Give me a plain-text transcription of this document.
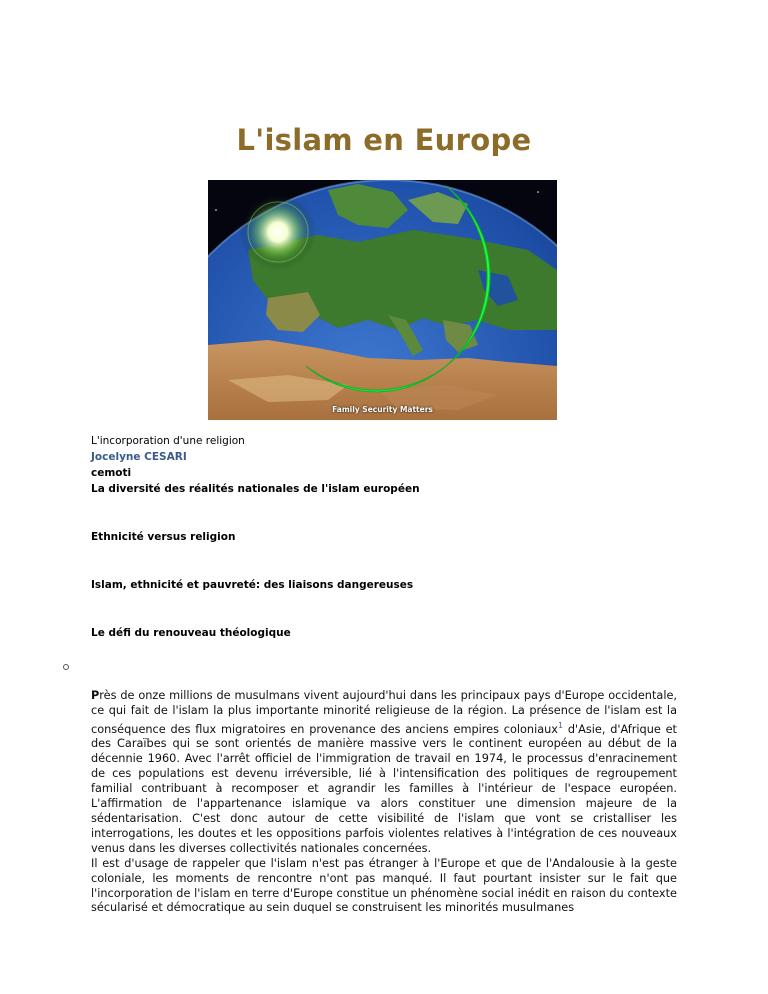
L'islam en Europe
Family Security Matters
L'incorporation d'une religion
Jocelyne CESARI
cemoti
La diversité des réalités nationales de l'islam européen
Ethnicité versus religion
Islam, ethnicité et pauvreté: des liaisons dangereuses
Le défi du renouveau théologique

Près de onze millions de musulmans vivent aujourd'hui dans les principaux pays d'Europe occidentale, ce qui fait de l'islam la plus importante minorité religieuse de la région. La présence de l'islam est la conséquence des flux migratoires en provenance des anciens empires coloniaux$^1$ d'Asie, d'Afrique et des Caraïbes qui se sont orientés de manière massive vers le continent européen au début de la décennie 1960. Avec l'arrêt officiel de l'immigration de travail en 1974, le processus d'enracinement de ces populations est devenu irréversible, lié à l'intensification des politiques de regroupement familial contribuant à recomposer et agrandir les familles à l'intérieur de l'espace européen. L'affirmation de l'appartenance islamique va alors constituer une dimension majeure de la sédentarisation. C'est donc autour de cette visibilité de l'islam que vont se cristalliser les interrogations, les doutes et les oppositions parfois violentes relatives à l'intégration de ces nouveaux venus dans les diverses collectivités nationales concernées.

Il est d'usage de rappeler que l'islam n'est pas étranger à l'Europe et que de l'Andalousie à la geste coloniale, les moments de rencontre n'ont pas manqué. Il faut pourtant insister sur le fait que l'incorporation de l'islam en terre d'Europe constitue un phénomène social inédit en raison du contexte sécularisé et démocratique au sein duquel se construisent les minorités musulmanes
